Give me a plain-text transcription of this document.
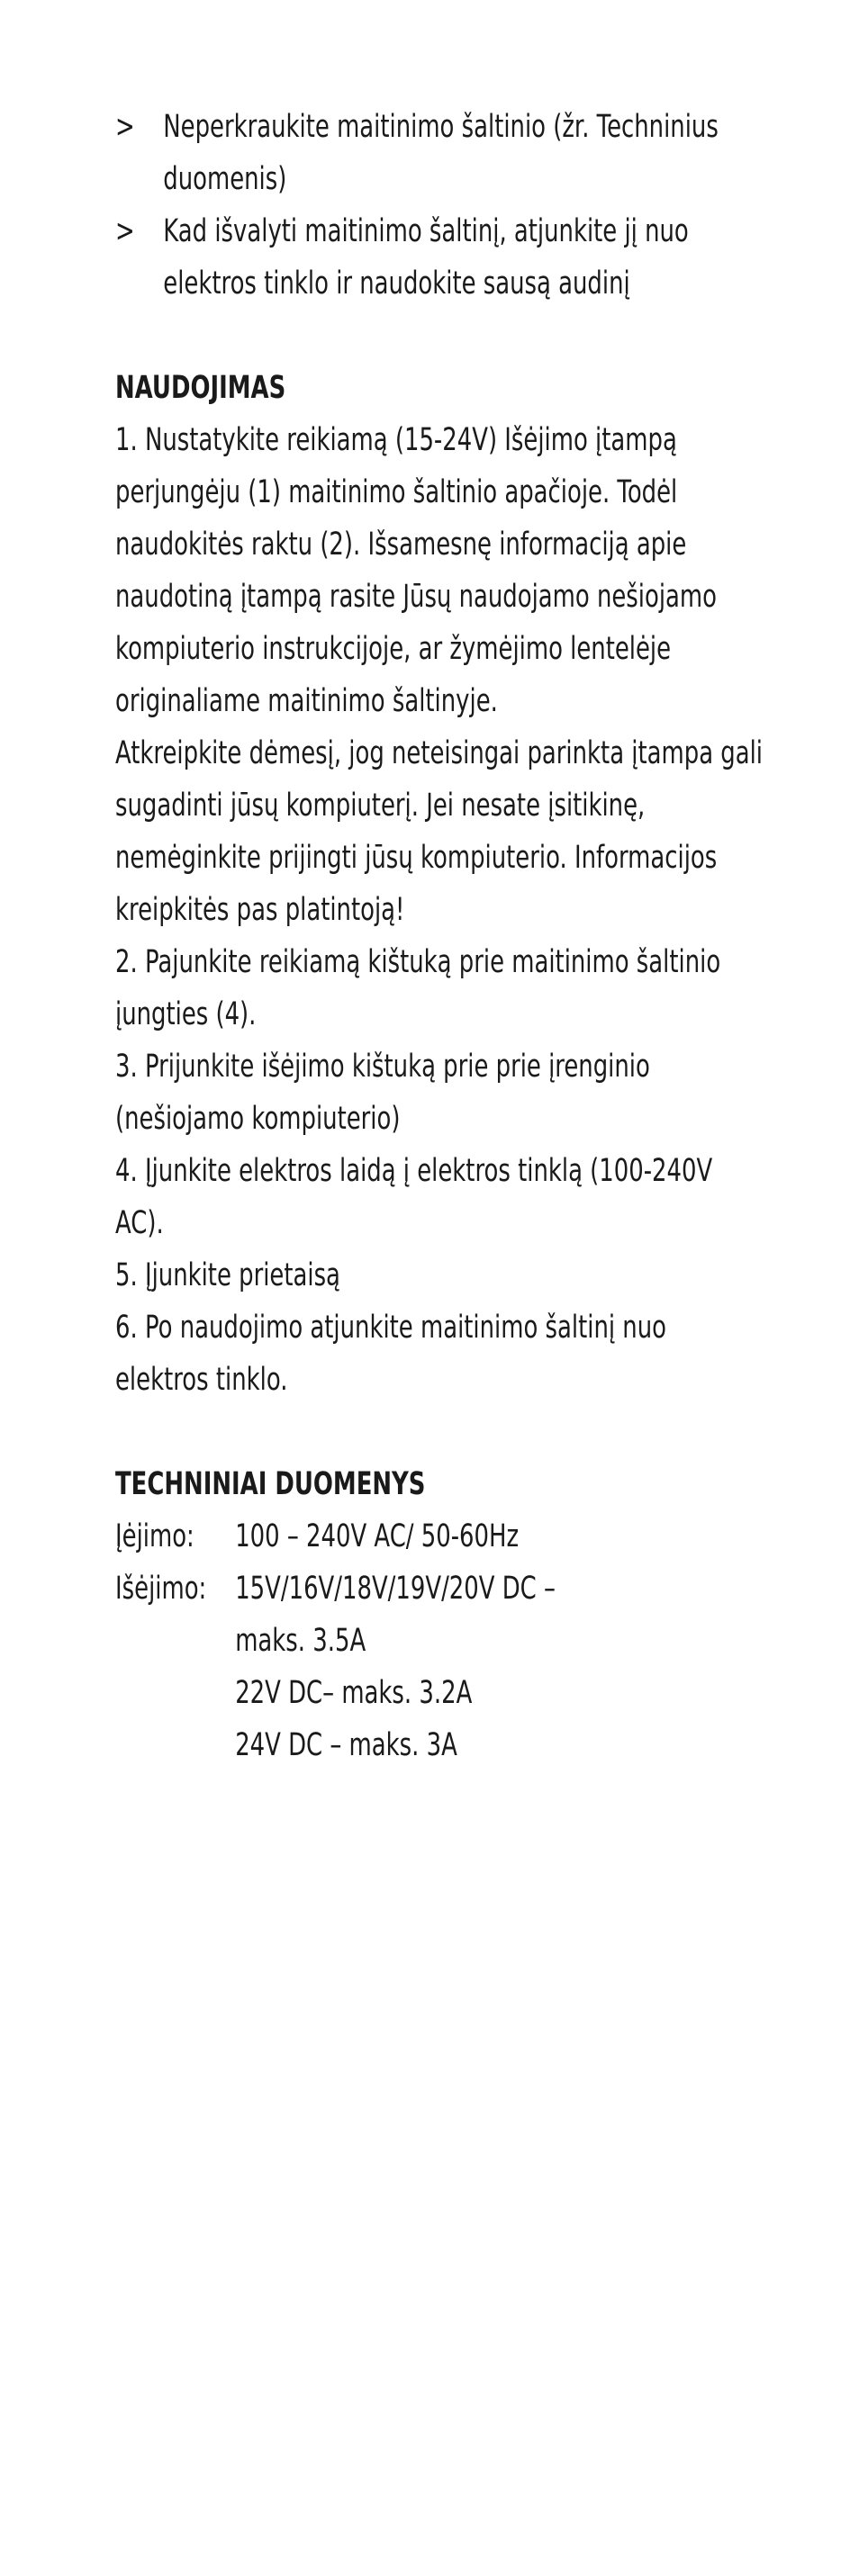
> Neperkraukite maitinimo šaltinio (žr. Techninius duomenis)
> Kad išvalyti maitinimo šaltinį, atjunkite jį nuo elektros tinklo ir naudokite sausą audinį
NAUDOJIMAS

1. Nustatykite reikiamą (15-24V) Išėjimo įtampą perjungėju (1) maitinimo šaltinio apačioje. Todėl naudokitės raktu (2). Išsamesnę informaciją apie naudotiną įtampą rasite Jūsų naudojamo nešiojamo kompiuterio instrukcijoje, ar žymėjimo lentelėje originaliame maitinimo šaltinyje.

Atkreipkite dėmesį, jog neteisingai parinkta įtampa gali sugadinti jūsų kompiuterį. Jei nesate įsitikinę, nemėginkite prijingti jūsų kompiuterio. Informacijos kreipkitės pas platintoją!

2. Pajunkite reikiamą kištuką prie maitinimo šaltinio įungties (4).

3. Prijunkite išėjimo kištuką prie prie įrenginio (nešiojamo kompiuterio)

4. Įjunkite elektros laidą į elektros tinklą (100-240V AC).

5. Įjunkite prietaisą

6. Po naudojimo atjunkite maitinimo šaltinį nuo elektros tinklo.

TECHNINIAI DUOMENYS
Įėjimo:	100 – 240V AC/ 50-60Hz
Išėjimo: 15V/16V/18V/19V/20V DC –
maks. 3.5A
22V DC– maks. 3.2A
24V DC – maks. 3A
